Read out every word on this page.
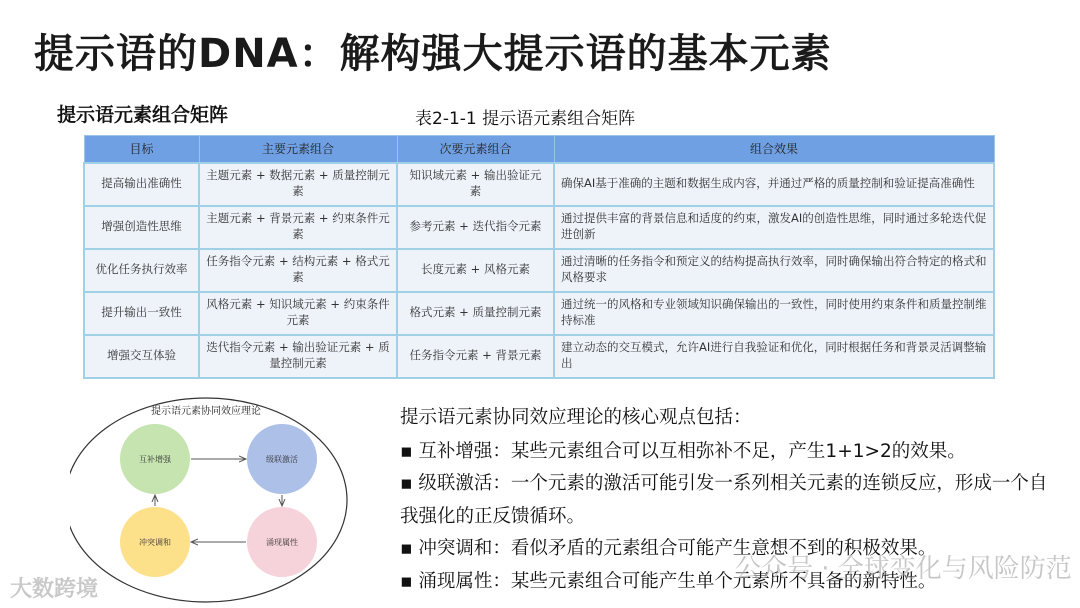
提示语的DNA：解构强大提示语的基本元素
提示语元素组合矩阵	表2-1-1 提示语元素组合矩阵
目标	主要元素组合	次要元素组合	组合效果
提高输出准确性	主题元素 + 数据元素 + 质量控制元素	知识域元素 + 输出验证元素	确保AI基于准确的主题和数据生成内容，并通过严格的质量控制和验证提高准确性
增强创造性思维	主题元素 + 背景元素 + 约束条件元素	参考元素 + 迭代指令元素	通过提供丰富的背景信息和适度的约束，激发AI的创造性思维，同时通过多轮迭代促进创新
优化任务执行效率	任务指令元素 + 结构元素 + 格式元素	长度元素 + 风格元素	通过清晰的任务指令和预定义的结构提高执行效率，同时确保输出符合特定的格式和风格要求
提升输出一致性	风格元素 + 知识域元素 + 约束条件元素	格式元素 + 质量控制元素	通过统一的风格和专业领域知识确保输出的一致性，同时使用约束条件和质量控制维持标准
增强交互体验	迭代指令元素 + 输出验证元素 + 质量控制元素	任务指令元素 + 背景元素	建立动态的交互模式，允许AI进行自我验证和优化，同时根据任务和背景灵活调整输出
提示语元素协同效应理论
互补增强	级联激活
涌现属性
冲突调和
提示语元素协同效应理论的核心观点包括：
▪ 互补增强：某些元素组合可以互相弥补不足，产生1+1>2的效果。
▪ 级联激活：一个元素的激活可能引发一系列相关元素的连锁反应，形成一个自我强化的正反馈循环。
▪ 冲突调和：看似矛盾的元素组合可能产生意想不到的积极效果。
▪ 涌现属性：某些元素组合可能产生单个元素所不具备的新特性。
大数跨境
公众号 · 全球变化与风险防范
